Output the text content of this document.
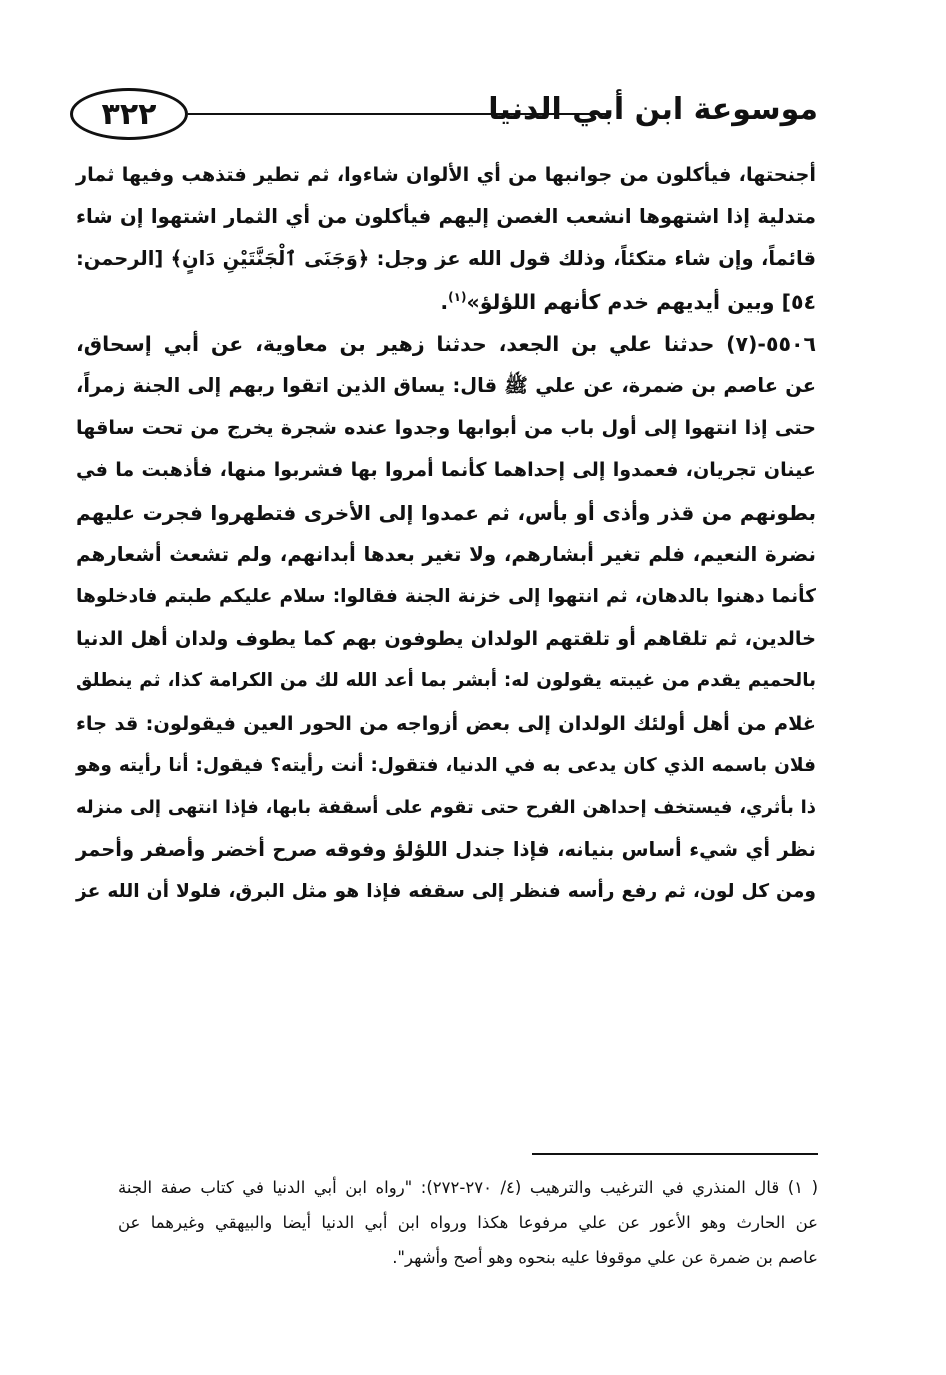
٣٢٢	موسوعة ابن أبي الدنيا
أجنحتها، فيأكلون من جوانبها من أي الألوان شاءوا، ثم تطير فتذهب وفيها ثمار
متدلية إذا اشتهوها انشعب الغصن إليهم فيأكلون من أي الثمار اشتهوا إن شاء
قائماً، وإن شاء متكئاً، وذلك قول الله عز وجل: ﴿وَجَنَى ٱلْجَنَّتَيْنِ دَانٍ﴾ [الرحمن:
٥٤] وبين أيديهم خدم كأنهم اللؤلؤ»$^{(١)}$.
٥٥٠٦-(٧) حدثنا علي بن الجعد، حدثنا زهير بن معاوية، عن أبي إسحاق،
عن عاصم بن ضمرة، عن علي ﷺ قال: يساق الذين اتقوا ربهم إلى الجنة زمراً،
حتى إذا انتهوا إلى أول باب من أبوابها وجدوا عنده شجرة يخرج من تحت ساقها
عينان تجريان، فعمدوا إلى إحداهما كأنما أمروا بها فشربوا منها، فأذهبت ما في
بطونهم من قذر وأذى أو بأس، ثم عمدوا إلى الأخرى فتطهروا فجرت عليهم
نضرة النعيم، فلم تغير أبشارهم، ولا تغير بعدها أبدانهم، ولم تشعث أشعارهم
كأنما دهنوا بالدهان، ثم انتهوا إلى خزنة الجنة فقالوا: سلام عليكم طبتم فادخلوها
خالدين، ثم تلقاهم أو تلقتهم الولدان يطوفون بهم كما يطوف ولدان أهل الدنيا
بالحميم يقدم من غيبته يقولون له: أبشر بما أعد الله لك من الكرامة كذا، ثم ينطلق
غلام من أهل أولئك الولدان إلى بعض أزواجه من الحور العين فيقولون: قد جاء
فلان باسمه الذي كان يدعى به في الدنيا، فتقول: أنت رأيته؟ فيقول: أنا رأيته وهو
ذا بأثري، فيستخف إحداهن الفرح حتى تقوم على أسقفة بابها، فإذا انتهى إلى منزله
نظر أي شيء أساس بنيانه، فإذا جندل اللؤلؤ وفوقه صرح أخضر وأصفر وأحمر
ومن كل لون، ثم رفع رأسه فنظر إلى سقفه فإذا هو مثل البرق، فلولا أن الله عز
( ١) قال المنذري في الترغيب والترهيب (٤/ ٢٧٠-٢٧٢): "رواه ابن أبي الدنيا في كتاب صفة الجنة
عن الحارث وهو الأعور عن علي مرفوعا هكذا ورواه ابن أبي الدنيا أيضا والبيهقي وغيرهما عن
عاصم بن ضمرة عن علي موقوفا عليه بنحوه وهو أصح وأشهر".
